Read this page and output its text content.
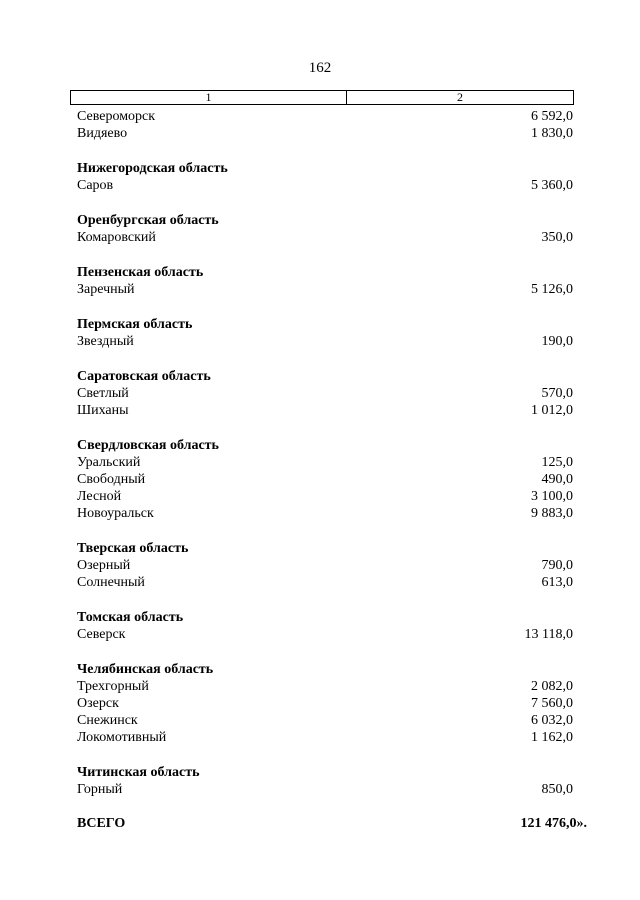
162
1	2
Североморск	6 592,0
Видяево	1 830,0
Нижегородская область
Саров	5 360,0
Оренбургская область
Комаровский	350,0
Пензенская область
Заречный	5 126,0
Пермская область
Звездный	190,0
Саратовская область
Светлый	570,0
Шиханы	1 012,0
Свердловская область
Уральский	125,0
Свободный	490,0
Лесной	3 100,0
Новоуральск	9 883,0
Тверская область
Озерный	790,0
Солнечный	613,0
Томская область
Северск	13 118,0
Челябинская область
Трехгорный	2 082,0
Озерск	7 560,0
Снежинск	6 032,0
Локомотивный	1 162,0
Читинская область
Горный	850,0
ВСЕГО	121 476,0».
